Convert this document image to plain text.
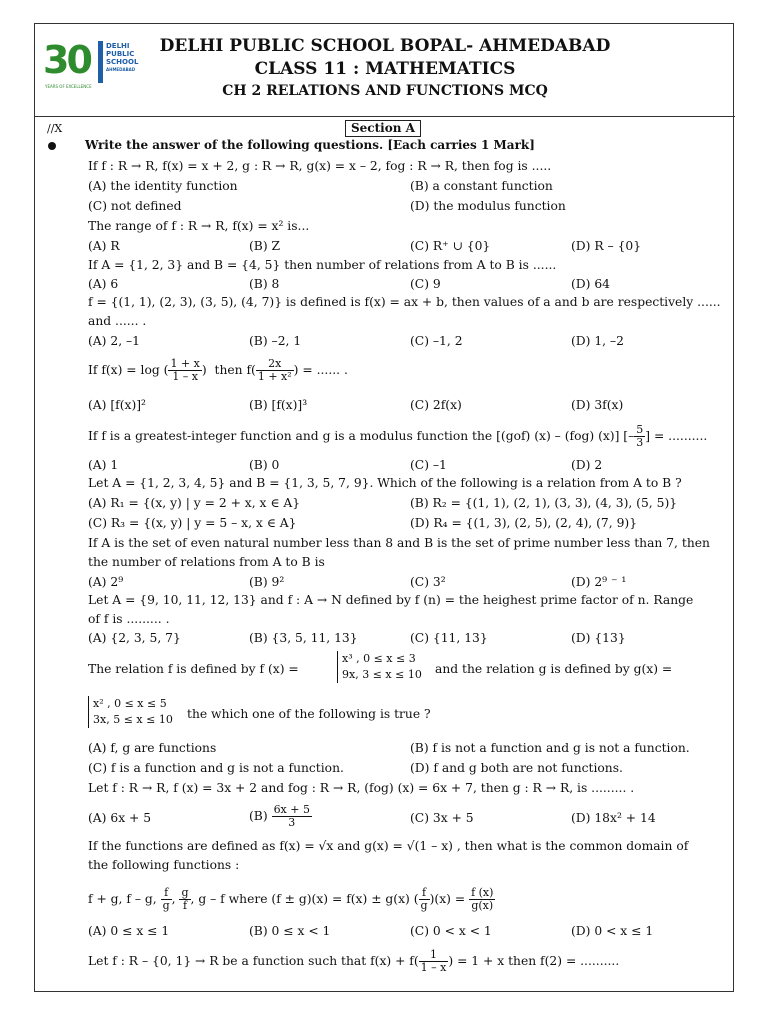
30 DELHI
PUBLIC
SCHOOL
AHMEDABAD
YEARS OF EXCELLENCE
DELHI PUBLIC SCHOOL BOPAL- AHMEDABAD
CLASS 11 : MATHEMATICS
CH 2 RELATIONS AND FUNCTIONS MCQ
//X	Section A
Write the answer of the following questions. [Each carries 1 Mark]
If f : R → R, f(x) = x + 2, g : R → R, g(x) = x – 2, fog : R → R, then fog is .....
(A) the identity function	(B) a constant function
(C) not defined	(D) the modulus function
The range of f : R → R, f(x) = x² is...
(A) R	(B) Z	(C) R⁺ ∪ {0}	(D) R – {0}
If A = {1, 2, 3} and B = {4, 5} then number of relations from A to B is ......
(A) 6	(B) 8	(C) 9	(D) 64
f = {(1, 1), (2, 3), (3, 5), (4, 7)} is defined is f(x) = ax + b, then values of a and b are respectively ......
and ...... .
(A) 2, –1	(B) –2, 1	(C) –1, 2	(D) 1, –2
If f(x) = log ( $\frac{1 + x}{1 - x}$ )  then $f( \frac{2x}{\text{1 + x²}}$ ) = ...... .
(A) [f(x)]²	(B) [f(x)]³	(C) 2f(x)	(D) 3f(x)
If f is a greatest-integer function and g is a modulus function the [(gof) (x) – (fog) (x)] [– $\frac{5}{3}$ ] = ..........
(A) 1	(B) 0	(C) –1	(D) 2
Let A = {1, 2, 3, 4, 5} and B = {1, 3, 5, 7, 9}. Which of the following is a relation from A to B ?
(A) R₁ = {(x, y) | y = 2 + x, x ∈ A}	(B) R₂ = {(1, 1), (2, 1), (3, 3), (4, 3), (5, 5)}
(C) R₃ = {(x, y) | y = 5 – x, x ∈ A}	(D) R₄ = {(1, 3), (2, 5), (2, 4), (7, 9)}
If A is the set of even natural number less than 8 and B is the set of prime number less than 7, then
the number of relations from A to B is
(A) 2⁹	(B) 9²	(C) 3²	(D) 2⁹ ⁻ ¹
Let A = {9, 10, 11, 12, 13} and f : A → N defined by f (n) = the heighest prime factor of n. Range
of f is ......... .
(A) {2, 3, 5, 7}	(B) {3, 5, 11, 13}	(C) {11, 13}	(D) {13}
The relation f is defined by f (x) =
x³ , 0 ≤ x ≤ 3
9x, 3 ≤ x ≤ 10 and the relation g is defined by g(x) =
x² , 0 ≤ x ≤ 5
3x, 5 ≤ x ≤ 10 the which one of the following is true ?
(A) f, g are functions	(B) f is not a function and g is not a function.
(C) f is a function and g is not a function.	(D) f and g both are not functions.
Let f : R → R, f (x) = 3x + 2 and fog : R → R, (fog) (x) = 6x + 7, then g : R → R, is ......... .
(A) 6x + 5	$(B) \frac{6x + 5}{3}$	(C) 3x + 5	(D) 18x² + 14
If the functions are defined as f(x) = √x and g(x) = √(1 – x) , then what is the common domain of
the following functions :
f + g, f – g, $\frac{f}{g}$ , $\frac{g}{f}$ , g – f where (f ± g)(x) = f(x) ± g(x) ( $\frac{f}{g} )(x) = \frac{f (x)}{g(x)}$
(A) 0 ≤ x ≤ 1	(B) 0 ≤ x < 1	(C) 0 < x < 1	(D) 0 < x ≤ 1
Let f : R – {0, 1} → R be a function such that $f(x) + f( \frac{1}{1 - x}$ ) = 1 + x then f(2) = ..........
